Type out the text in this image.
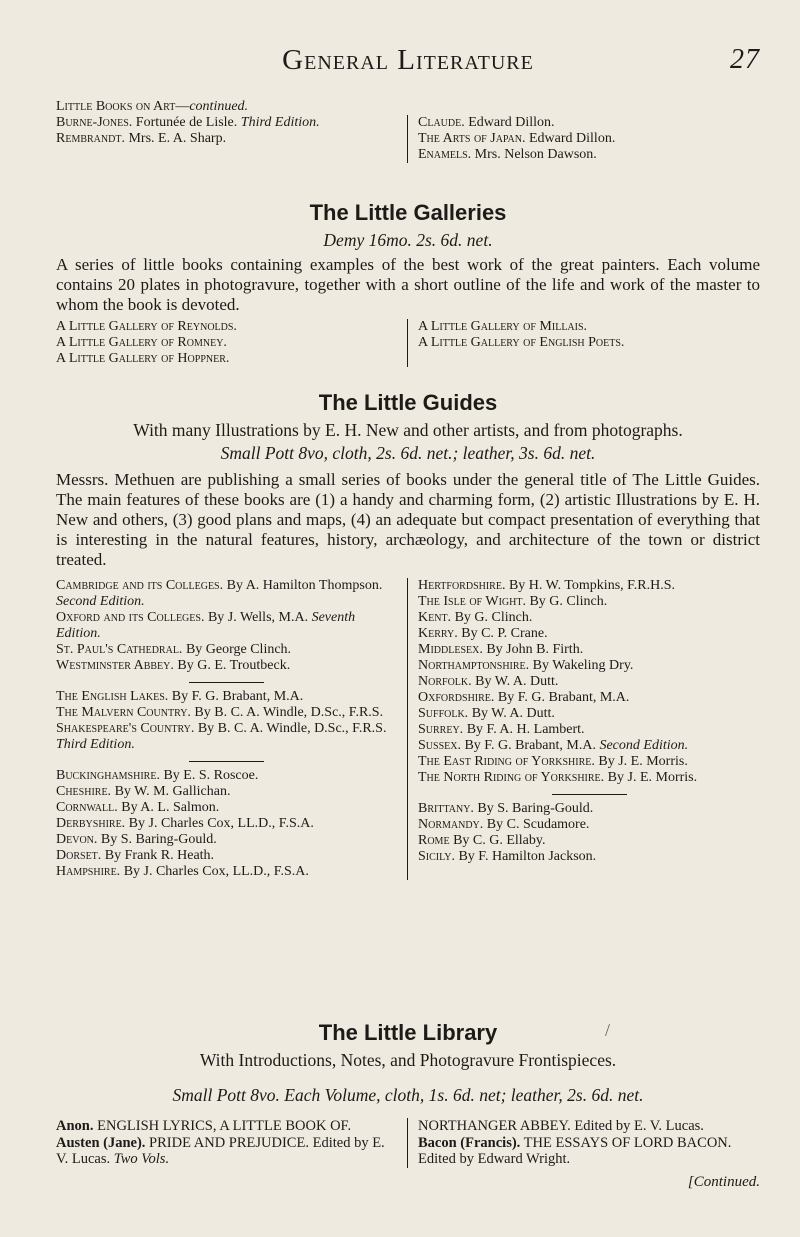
General Literature	27
Little Books on Art—continued.

Burne-Jones. Fortunée de Lisle. Third Edition.

Rembrandt. Mrs. E. A. Sharp.

Claude. Edward Dillon.

The Arts of Japan. Edward Dillon.

Enamels. Mrs. Nelson Dawson.

The Little Galleries

Demy 16mo. 2s. 6d. net.

A series of little books containing examples of the best work of the great painters. Each volume contains 20 plates in photogravure, together with a short outline of the life and work of the master to whom the book is devoted.

A Little Gallery of Reynolds.

A Little Gallery of Romney.

A Little Gallery of Hoppner.

A Little Gallery of Millais.

A Little Gallery of English Poets.

The Little Guides

With many Illustrations by E. H. New and other artists, and from photographs.

Small Pott 8vo, cloth, 2s. 6d. net.; leather, 3s. 6d. net.

Messrs. Methuen are publishing a small series of books under the general title of The Little Guides. The main features of these books are (1) a handy and charming form, (2) artistic Illustrations by E. H. New and others, (3) good plans and maps, (4) an adequate but compact presentation of everything that is interesting in the natural features, history, archæology, and architecture of the town or district treated.

Cambridge and its Colleges. By A. Hamilton Thompson. Second Edition.

Oxford and its Colleges. By J. Wells, M.A. Seventh Edition.

St. Paul's Cathedral. By George Clinch.

Westminster Abbey. By G. E. Troutbeck.

The English Lakes. By F. G. Brabant, M.A.

The Malvern Country. By B. C. A. Windle, D.Sc., F.R.S.

Shakespeare's Country. By B. C. A. Windle, D.Sc., F.R.S. Third Edition.

Buckinghamshire. By E. S. Roscoe.

Cheshire. By W. M. Gallichan.

Cornwall. By A. L. Salmon.

Derbyshire. By J. Charles Cox, LL.D., F.S.A.

Devon. By S. Baring-Gould.

Dorset. By Frank R. Heath.

Hampshire. By J. Charles Cox, LL.D., F.S.A.

Hertfordshire. By H. W. Tompkins, F.R.H.S.

The Isle of Wight. By G. Clinch.

Kent. By G. Clinch.

Kerry. By C. P. Crane.

Middlesex. By John B. Firth.

Northamptonshire. By Wakeling Dry.

Norfolk. By W. A. Dutt.

Oxfordshire. By F. G. Brabant, M.A.

Suffolk. By W. A. Dutt.

Surrey. By F. A. H. Lambert.

Sussex. By F. G. Brabant, M.A. Second Edition.

The East Riding of Yorkshire. By J. E. Morris.

The North Riding of Yorkshire. By J. E. Morris.

Brittany. By S. Baring-Gould.

Normandy. By C. Scudamore.

Rome By C. G. Ellaby.

Sicily. By F. Hamilton Jackson.

The Little Library	/

With Introductions, Notes, and Photogravure Frontispieces.

Small Pott 8vo. Each Volume, cloth, 1s. 6d. net; leather, 2s. 6d. net.

Anon. ENGLISH LYRICS, A LITTLE BOOK OF.

Austen (Jane). PRIDE AND PREJUDICE. Edited by E. V. Lucas. Two Vols.

NORTHANGER ABBEY. Edited by E. V. Lucas.

Bacon (Francis). THE ESSAYS OF LORD BACON. Edited by Edward Wright.

[Continued.
